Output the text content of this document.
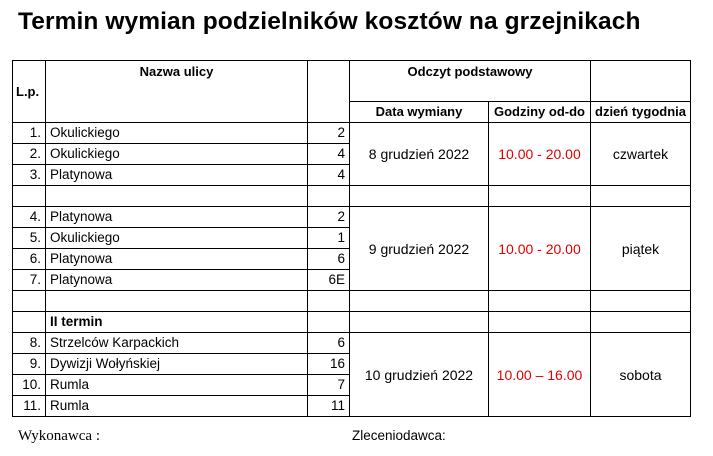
Termin wymian podzielników kosztów na grzejnikach
L.p.	Nazwa ulicy		Odczyt podstawowy		
			Data wymiany	Godziny od-do	dzień tygodnia
1.	Okulickiego	2	8 grudzień 2022	10.00 - 20.00	czwartek
2.	Okulickiego	4			
3.	Platynowa	4			

4.	Platynowa	2	9 grudzień 2022	10.00 - 20.00	piątek
5.	Okulickiego	1			
6.	Platynowa	6			
7.	Platynowa	6E			

	II termin				
8.	Strzelców Karpackich	6	10 grudzień 2022	10.00 – 16.00	sobota
9.	Dywizji Wołyńskiej	16			
10.	Rumla	7			
11.	Rumla	11			
Wykonawca :	Zleceniodawca:
